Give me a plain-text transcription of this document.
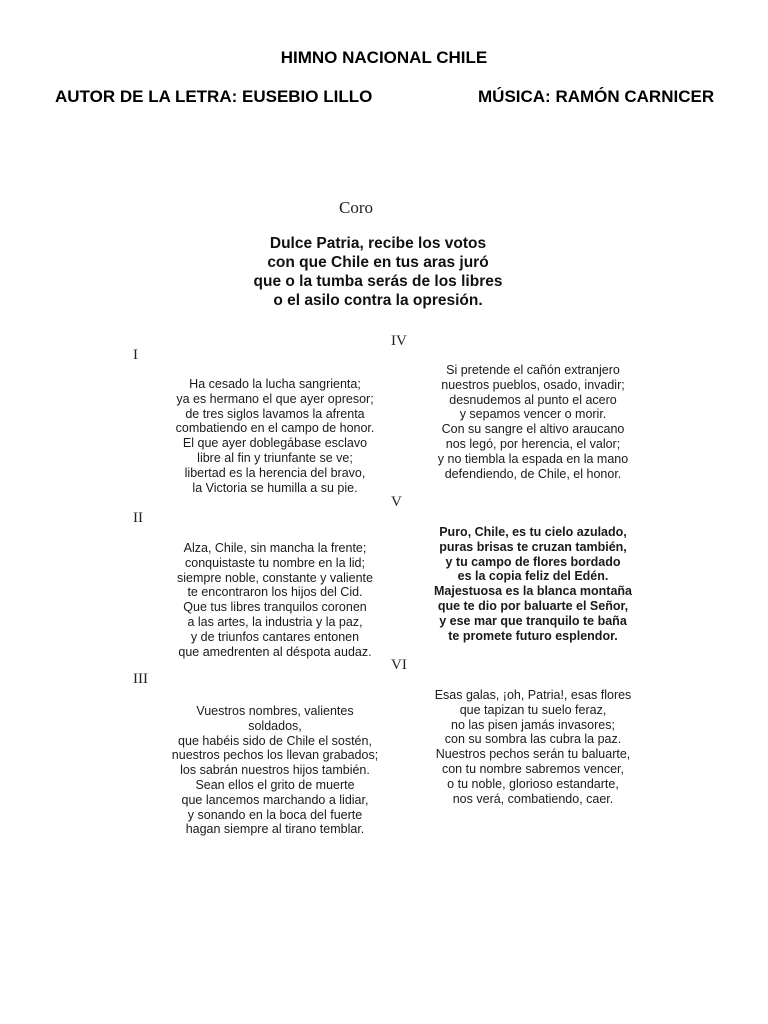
HIMNO NACIONAL CHILE
AUTOR DE LA LETRA: EUSEBIO LILLO	MÚSICA: RAMÓN CARNICER
Coro
Dulce Patria, recibe los votos
con que Chile en tus aras juró
que o la tumba serás de los libres
o el asilo contra la opresión.
I
Ha cesado la lucha sangrienta;
ya es hermano el que ayer opresor;
de tres siglos lavamos la afrenta
combatiendo en el campo de honor.
El que ayer doblegábase esclavo
libre al fin y triunfante se ve;
libertad es la herencia del bravo,
la Victoria se humilla a su pie.
II
Alza, Chile, sin mancha la frente;
conquistaste tu nombre en la lid;
siempre noble, constante y valiente
te encontraron los hijos del Cid.
Que tus libres tranquilos coronen
a las artes, la industria y la paz,
y de triunfos cantares entonen
que amedrenten al déspota audaz.
III
Vuestros nombres, valientes
soldados,
que habéis sido de Chile el sostén,
nuestros pechos los llevan grabados;
los sabrán nuestros hijos también.
Sean ellos el grito de muerte
que lancemos marchando a lidiar,
y sonando en la boca del fuerte
hagan siempre al tirano temblar.
IV
Si pretende el cañón extranjero
nuestros pueblos, osado, invadir;
desnudemos al punto el acero
y sepamos vencer o morir.
Con su sangre el altivo araucano
nos legó, por herencia, el valor;
y no tiembla la espada en la mano
defendiendo, de Chile, el honor.
V
Puro, Chile, es tu cielo azulado,
puras brisas te cruzan también,
y tu campo de flores bordado
es la copia feliz del Edén.
Majestuosa es la blanca montaña
que te dio por baluarte el Señor,
y ese mar que tranquilo te baña
te promete futuro esplendor.
VI
Esas galas, ¡oh, Patria!, esas flores
que tapizan tu suelo feraz,
no las pisen jamás invasores;
con su sombra las cubra la paz.
Nuestros pechos serán tu baluarte,
con tu nombre sabremos vencer,
o tu noble, glorioso estandarte,
nos verá, combatiendo, caer.
